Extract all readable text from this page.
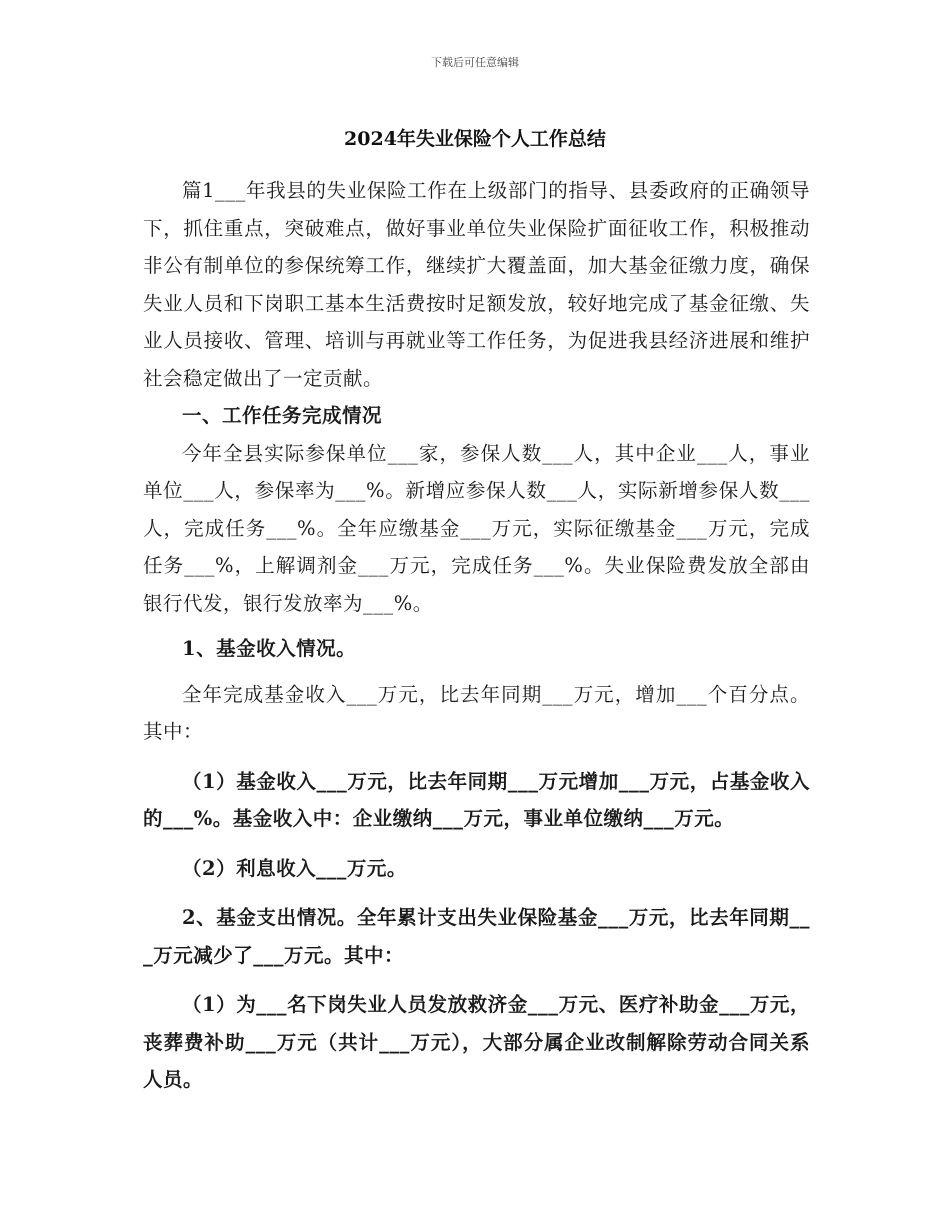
下载后可任意编辑
2024年失业保险个人工作总结

篇1___年我县的失业保险工作在上级部门的指导、县委政府的正确领导下，抓住重点，突破难点，做好事业单位失业保险扩面征收工作，积极推动非公有制单位的参保统筹工作，继续扩大覆盖面，加大基金征缴力度，确保失业人员和下岗职工基本生活费按时足额发放，较好地完成了基金征缴、失业人员接收、管理、培训与再就业等工作任务，为促进我县经济进展和维护社会稳定做出了一定贡献。

一、工作任务完成情况

今年全县实际参保单位___家，参保人数___人，其中企业___人，事业单位___人，参保率为___%。新增应参保人数___人，实际新增参保人数___人，完成任务___%。全年应缴基金___万元，实际征缴基金___万元，完成任务___%，上解调剂金___万元，完成任务___%。失业保险费发放全部由银行代发，银行发放率为___%。

1、基金收入情况。

全年完成基金收入___万元，比去年同期___万元，增加___个百分点。其中：

（1）基金收入___万元，比去年同期___万元增加___万元，占基金收入的___%。基金收入中：企业缴纳___万元，事业单位缴纳___万元。

（2）利息收入___万元。

2、基金支出情况。全年累计支出失业保险基金___万元，比去年同期___万元减少了___万元。其中：

（1）为___名下岗失业人员发放救济金___万元、医疗补助金___万元，丧葬费补助___万元（共计___万元），大部分属企业改制解除劳动合同关系人员。
